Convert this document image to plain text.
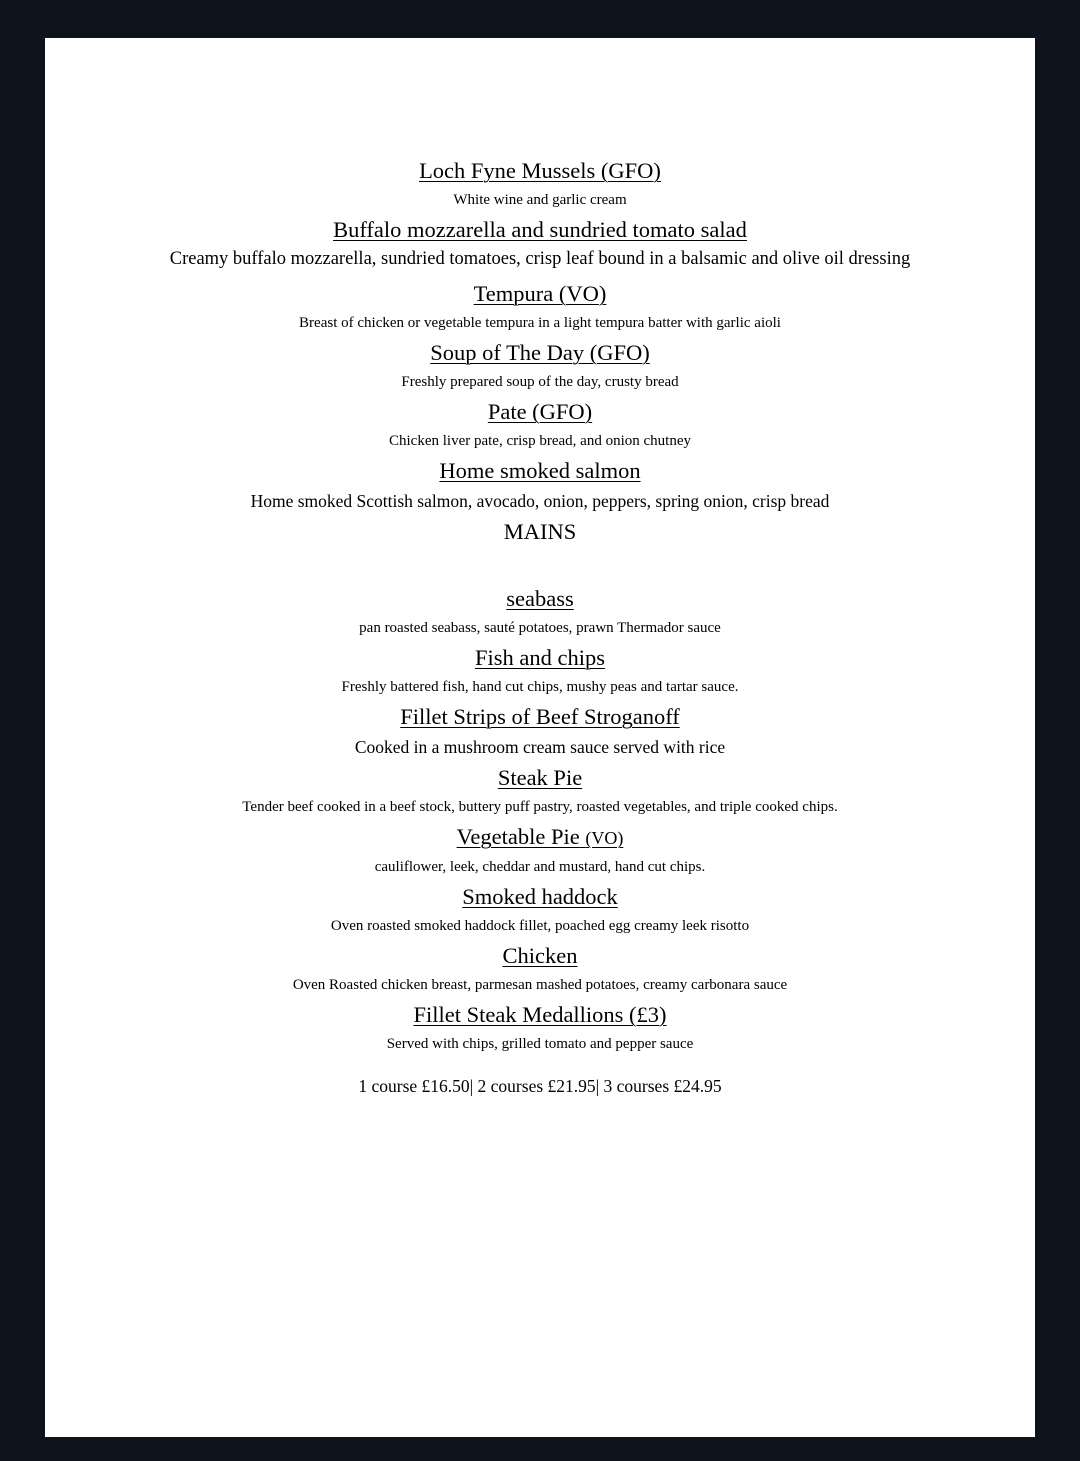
Loch Fyne Mussels (GFO)

White wine and garlic cream

Buffalo mozzarella and sundried tomato salad

Creamy buffalo mozzarella, sundried tomatoes, crisp leaf bound in a balsamic and olive oil dressing

Tempura (VO)

Breast of chicken or vegetable tempura in a light tempura batter with garlic aioli

Soup of The Day (GFO)

Freshly prepared soup of the day, crusty bread

Pate (GFO)

Chicken liver pate, crisp bread, and onion chutney

Home smoked salmon

Home smoked Scottish salmon, avocado, onion, peppers, spring onion, crisp bread

MAINS

seabass

pan roasted seabass, sauté potatoes, prawn Thermador sauce

Fish and chips

Freshly battered fish, hand cut chips, mushy peas and tartar sauce.

Fillet Strips of Beef Stroganoff

Cooked in a mushroom cream sauce served with rice

Steak Pie

Tender beef cooked in a beef stock, buttery puff pastry, roasted vegetables, and triple cooked chips.

Vegetable Pie (VO)

cauliflower, leek, cheddar and mustard, hand cut chips.

Smoked haddock

Oven roasted smoked haddock fillet, poached egg creamy leek risotto

Chicken

Oven Roasted chicken breast, parmesan mashed potatoes, creamy carbonara sauce

Fillet Steak Medallions (£3)

Served with chips, grilled tomato and pepper sauce

1 course £16.50| 2 courses £21.95| 3 courses £24.95
